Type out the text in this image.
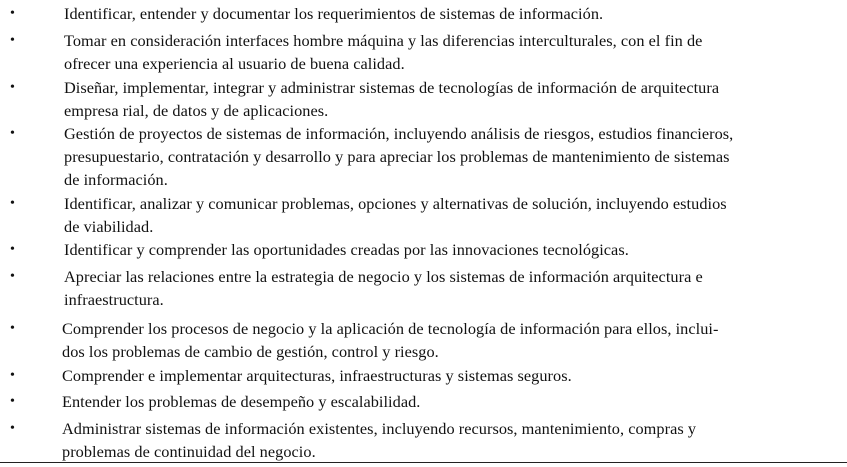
•	Identificar, entender y documentar los requerimientos de sistemas de información.
•	Tomar en consideración interfaces hombre máquina y las diferencias interculturales, con el fin de
ofrecer una experiencia al usuario de buena calidad.
•	Diseñar, implementar, integrar y administrar sistemas de tecnologías de información de arquitectura
empresa rial, de datos y de aplicaciones.
•	Gestión de proyectos de sistemas de información, incluyendo análisis de riesgos, estudios financieros,
presupuestario, contratación y desarrollo y para apreciar los problemas de mantenimiento de sistemas
de información.
•	Identificar, analizar y comunicar problemas, opciones y alternativas de solución, incluyendo estudios
de viabilidad.
•	Identificar y comprender las oportunidades creadas por las innovaciones tecnológicas.
•	Apreciar las relaciones entre la estrategia de negocio y los sistemas de información arquitectura e
infraestructura.
•	Comprender los procesos de negocio y la aplicación de tecnología de información para ellos, inclui-
dos los problemas de cambio de gestión, control y riesgo.
•	Comprender e implementar arquitecturas, infraestructuras y sistemas seguros.
•	Entender los problemas de desempeño y escalabilidad.
•	Administrar sistemas de información existentes, incluyendo recursos, mantenimiento, compras y
problemas de continuidad del negocio.
